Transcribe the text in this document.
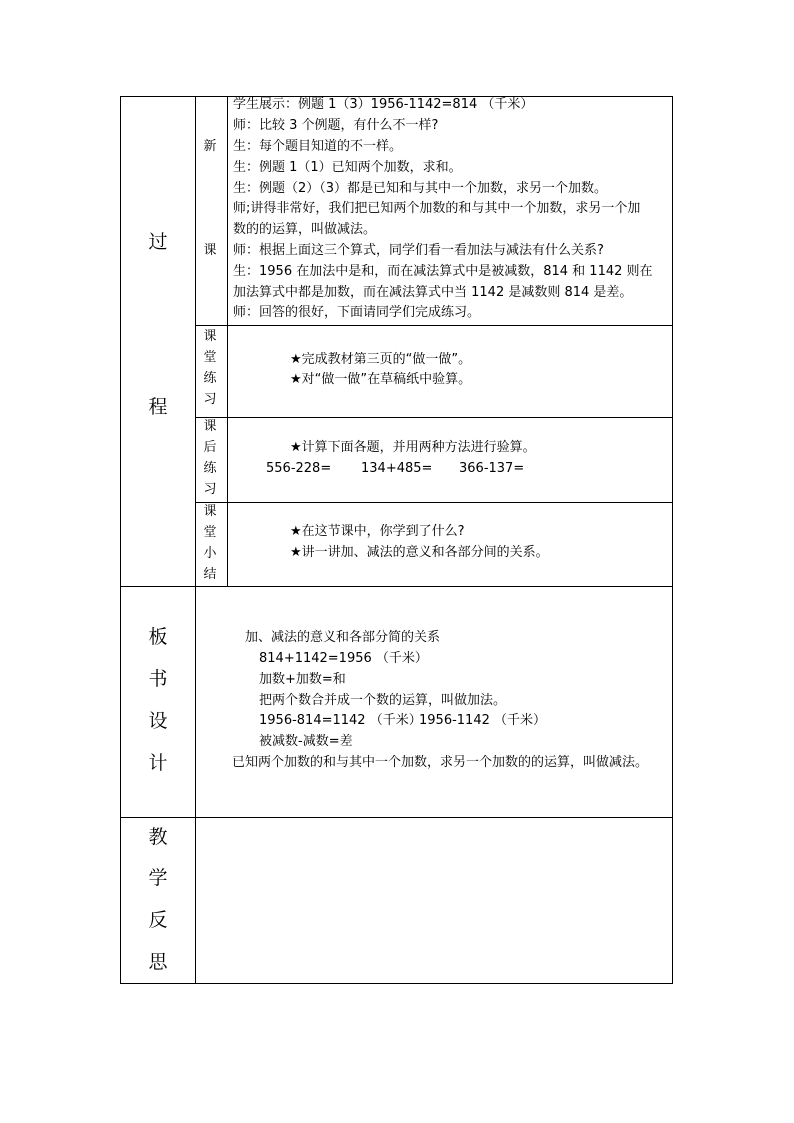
过
程
板
书
设
计
教
学
反
思
新
课
课
堂
练
习
课
后
练
习
课
堂
小
结
学生展示：例题 1（3）1956-1142=814 （千米）
师：比较 3 个例题，有什么不一样?
生：每个题目知道的不一样。
生：例题 1（1）已知两个加数，求和。
生：例题（2）（3）都是已知和与其中一个加数，求另一个加数。
师;讲得非常好，我们把已知两个加数的和与其中一个加数，求另一个加
数的的运算，叫做减法。
师：根据上面这三个算式，同学们看一看加法与减法有什么关系?
生：1956 在加法中是和，而在减法算式中是被减数，814 和 1142 则在
加法算式中都是加数，而在减法算式中当 1142 是减数则 814 是差。
师：回答的很好，下面请同学们完成练习。
★完成教材第三页的“做一做”。
★对“做一做”在草稿纸中验算。
★计算下面各题，并用两种方法进行验算。
556-228= 134+485= 366-137=
★在这节课中，你学到了什么?
★讲一讲加、减法的意义和各部分间的关系。
加、减法的意义和各部分简的关系
814+1142=1956 （千米）
加数+加数=和
把两个数合并成一个数的运算，叫做加法。
1956-814=1142 （千米）
1956-1142 （千米）
被减数-减数=差
已知两个加数的和与其中一个加数，求另一个加数的的运算，叫做减法。
